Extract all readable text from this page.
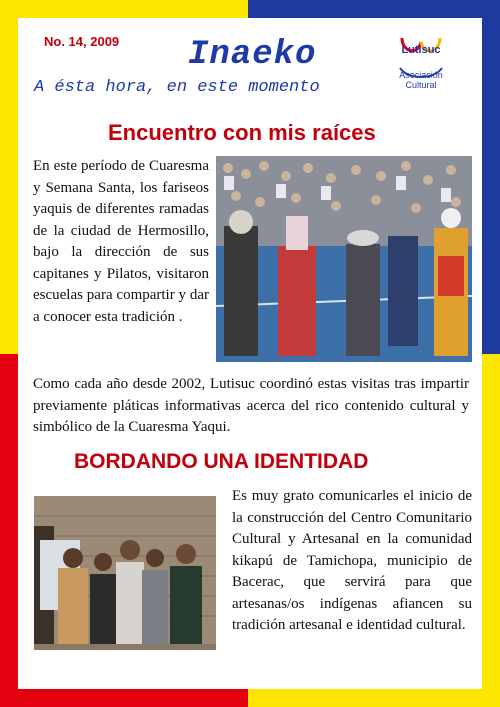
No. 14, 2009 Inaeko
A ésta hora, en este momento
Lutisuc
Asociación Cultural
Encuentro con mis raíces
En este período de Cuaresma y Semana Santa, los fariseos yaquis de diferentes ramadas de la ciudad de Hermosillo, bajo la dirección de sus capitanes y Pilatos, visitaron escuelas para compartir y dar a conocer esta tradición .
Como cada año desde 2002, Lutisuc coordinó estas visitas tras impartir previamente pláticas informativas acerca del rico contenido cultural y simbólico de la Cuaresma Yaqui.
BORDANDO UNA IDENTIDAD
Es muy grato comunicarles el inicio de la construcción del Centro Comunitario Cultural y Artesanal en la comunidad kikapú de Tamichopa, municipio de Bacerac, que servirá para que artesanas/os indígenas afiancen su tradición artesanal e identidad cultural.
